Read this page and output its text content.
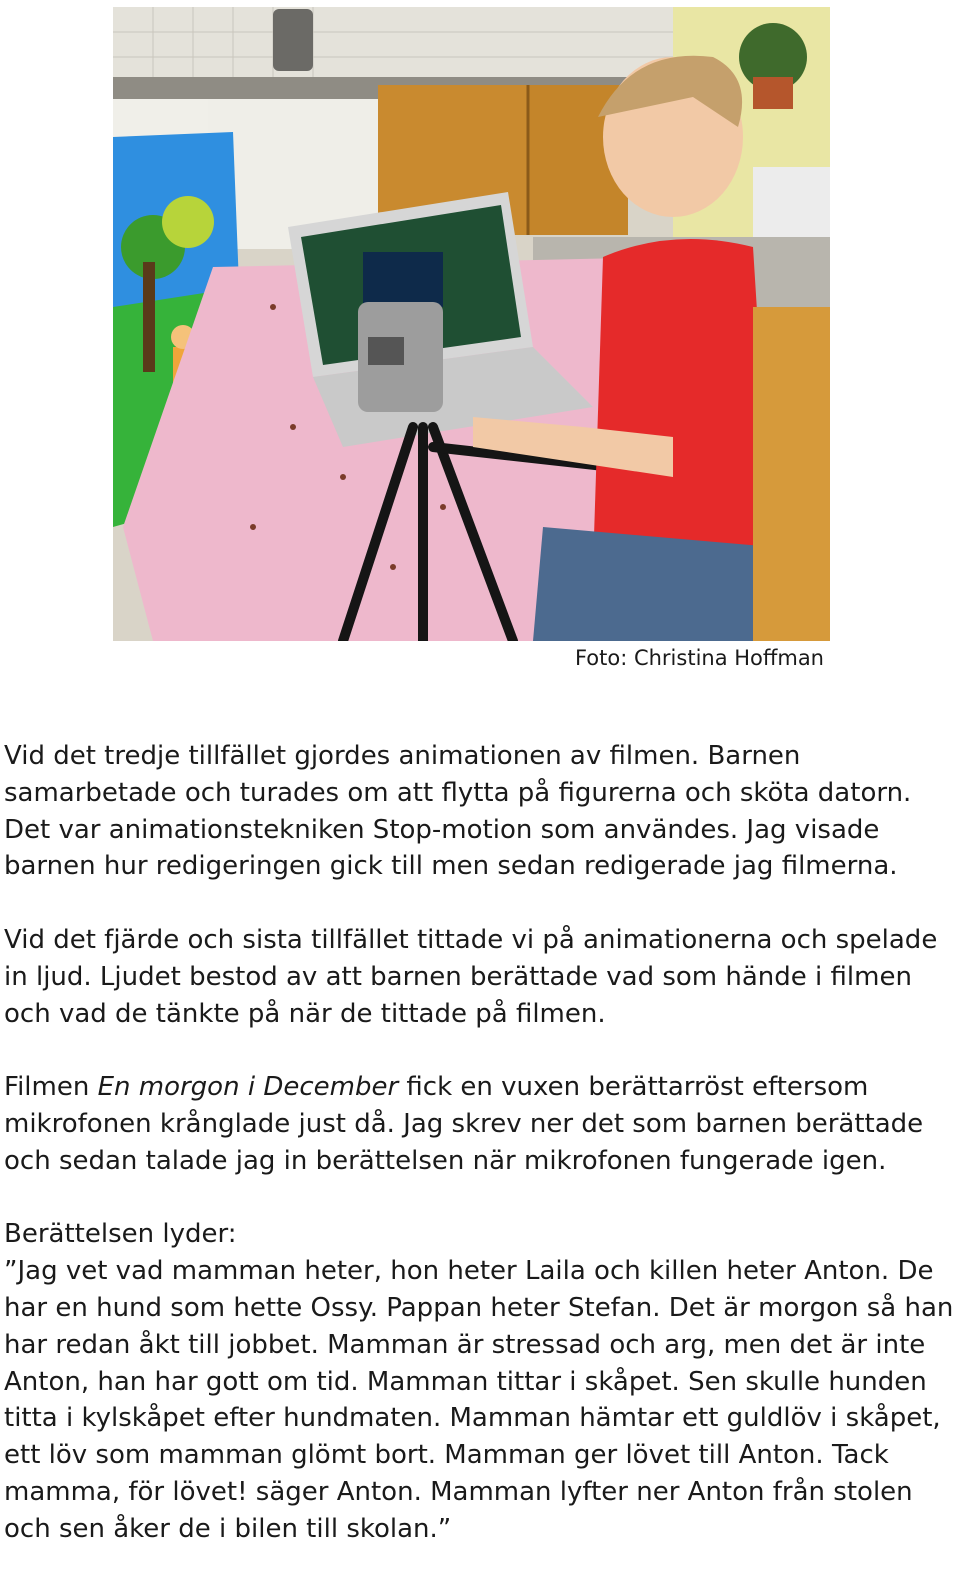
Foto: Christina Hoffman

Vid det tredje tillfället gjordes animationen av filmen. Barnen samarbetade och turades om att flytta på figurerna och sköta datorn. Det var animationstekniken Stop-motion som användes. Jag visade barnen hur redigeringen gick till men sedan redigerade jag filmerna.

Vid det fjärde och sista tillfället tittade vi på animationerna och spelade in ljud. Ljudet bestod av att barnen berättade vad som hände i filmen och vad de tänkte på när de tittade på filmen.

Filmen En morgon i December fick en vuxen berättarröst eftersom mikrofonen krånglade just då. Jag skrev ner det som barnen berättade och sedan talade jag in berättelsen när mikrofonen fungerade igen.

Berättelsen lyder:
”Jag vet vad mamman heter, hon heter Laila och killen heter Anton. De har en hund som hette Ossy. Pappan heter Stefan. Det är morgon så han har redan åkt till jobbet. Mamman är stressad och arg, men det är inte Anton, han har gott om tid. Mamman tittar i skåpet. Sen skulle hunden titta i kylskåpet efter hundmaten. Mamman hämtar ett guldlöv i skåpet, ett löv som mamman glömt bort. Mamman ger lövet till Anton. Tack mamma, för lövet! säger Anton. Mamman lyfter ner Anton från stolen och sen åker de i bilen till skolan.”
